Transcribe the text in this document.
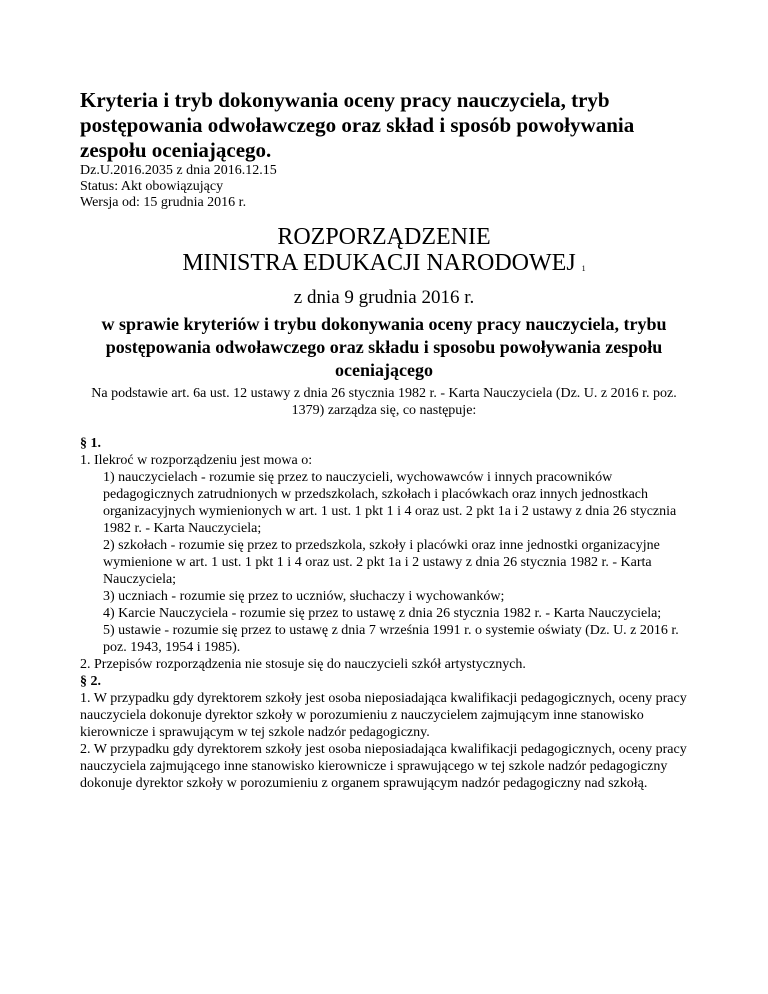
Kryteria i tryb dokonywania oceny pracy nauczyciela, tryb postępowania odwoławczego oraz skład i sposób powoływania zespołu oceniającego.
Dz.U.2016.2035 z dnia 2016.12.15
Status: Akt obowiązujący
Wersja od: 15 grudnia 2016 r.
ROZPORZĄDZENIE
MINISTRA EDUKACJI NARODOWEJ $^1$
z dnia 9 grudnia 2016 r.
w sprawie kryteriów i trybu dokonywania oceny pracy nauczyciela, trybu postępowania odwoławczego oraz składu i sposobu powoływania zespołu oceniającego
Na podstawie art. 6a ust. 12 ustawy z dnia 26 stycznia 1982 r. - Karta Nauczyciela (Dz. U. z 2016 r. poz. 1379) zarządza się, co następuje:

§ 1.

1. Ilekroć w rozporządzeniu jest mowa o:

1) nauczycielach - rozumie się przez to nauczycieli, wychowawców i innych pracowników pedagogicznych zatrudnionych w przedszkolach, szkołach i placówkach oraz innych jednostkach organizacyjnych wymienionych w art. 1 ust. 1 pkt 1 i 4 oraz ust. 2 pkt 1a i 2 ustawy z dnia 26 stycznia 1982 r. - Karta Nauczyciela;

2) szkołach - rozumie się przez to przedszkola, szkoły i placówki oraz inne jednostki organizacyjne wymienione w art. 1 ust. 1 pkt 1 i 4 oraz ust. 2 pkt 1a i 2 ustawy z dnia 26 stycznia 1982 r. - Karta Nauczyciela;

3) uczniach - rozumie się przez to uczniów, słuchaczy i wychowanków;

4) Karcie Nauczyciela - rozumie się przez to ustawę z dnia 26 stycznia 1982 r. - Karta Nauczyciela;

5) ustawie - rozumie się przez to ustawę z dnia 7 września 1991 r. o systemie oświaty (Dz. U. z 2016 r. poz. 1943, 1954 i 1985).

2. Przepisów rozporządzenia nie stosuje się do nauczycieli szkół artystycznych.

§ 2.

1. W przypadku gdy dyrektorem szkoły jest osoba nieposiadająca kwalifikacji pedagogicznych, oceny pracy nauczyciela dokonuje dyrektor szkoły w porozumieniu z nauczycielem zajmującym inne stanowisko kierownicze i sprawującym w tej szkole nadzór pedagogiczny.

2. W przypadku gdy dyrektorem szkoły jest osoba nieposiadająca kwalifikacji pedagogicznych, oceny pracy nauczyciela zajmującego inne stanowisko kierownicze i sprawującego w tej szkole nadzór pedagogiczny dokonuje dyrektor szkoły w porozumieniu z organem sprawującym nadzór pedagogiczny nad szkołą.
